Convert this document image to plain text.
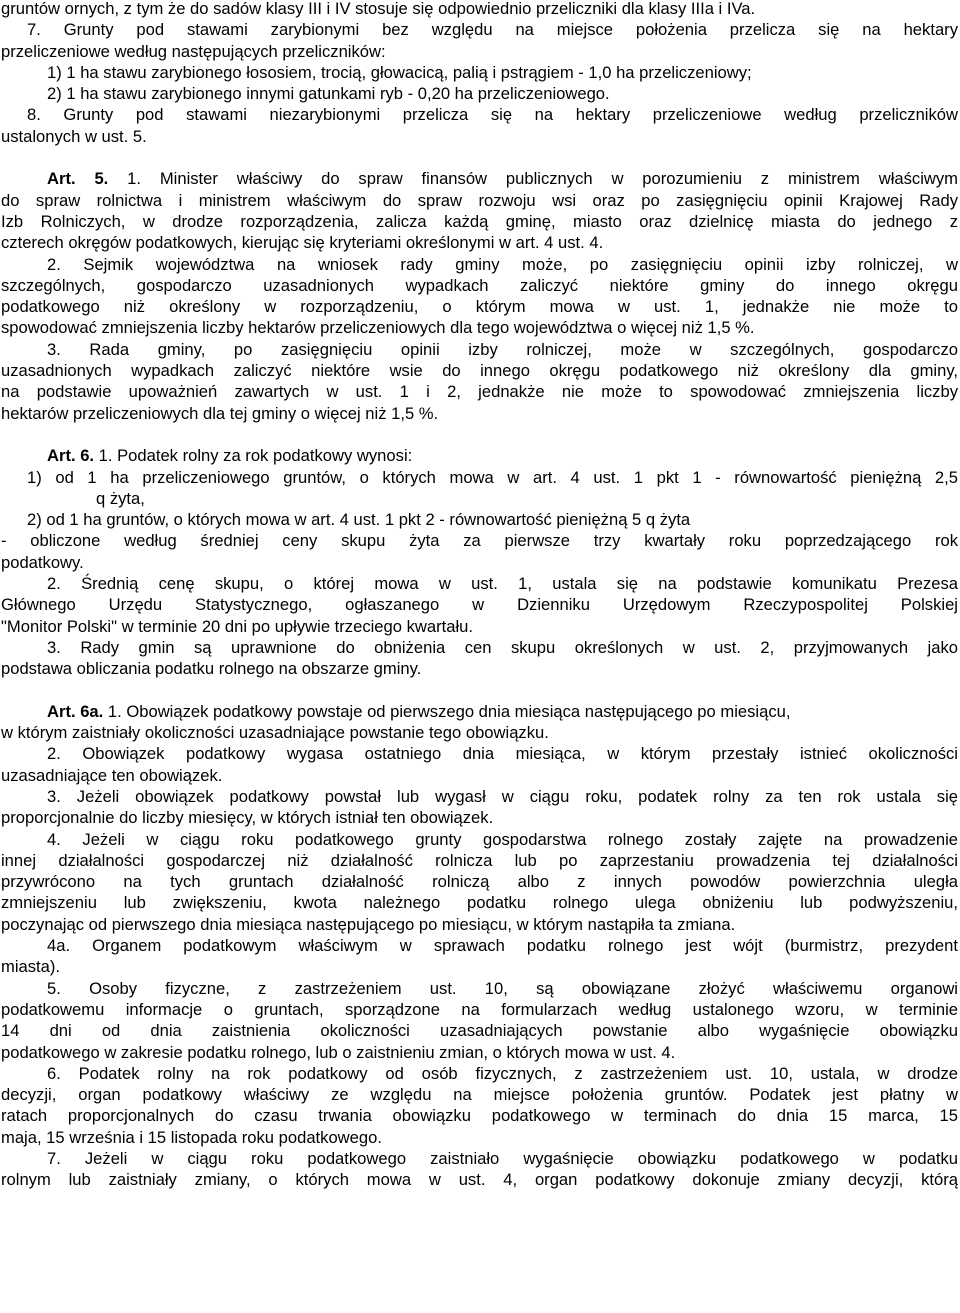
gruntów ornych, z tym że do sadów klasy III i IV stosuje się odpowiednio przeliczniki dla klasy IIIa i IVa.
7. Grunty pod stawami zarybionymi bez względu na miejsce położenia przelicza się na hektary
przeliczeniowe według następujących przeliczników:
1) 1 ha stawu zarybionego łososiem, trocią, głowacicą, palią i pstrągiem - 1,0 ha przeliczeniowy;
2) 1 ha stawu zarybionego innymi gatunkami ryb - 0,20 ha przeliczeniowego.
8. Grunty pod stawami niezarybionymi przelicza się na hektary przeliczeniowe według przeliczników
ustalonych w ust. 5.
Art. 5. 1. Minister właściwy do spraw finansów publicznych w porozumieniu z ministrem właściwym
do spraw rolnictwa i ministrem właściwym do spraw rozwoju wsi oraz po zasięgnięciu opinii Krajowej Rady
Izb Rolniczych, w drodze rozporządzenia, zalicza każdą gminę, miasto oraz dzielnicę miasta do jednego z
czterech okręgów podatkowych, kierując się kryteriami określonymi w art. 4 ust. 4.
2. Sejmik województwa na wniosek rady gminy może, po zasięgnięciu opinii izby rolniczej, w
szczególnych, gospodarczo uzasadnionych wypadkach zaliczyć niektóre gminy do innego okręgu
podatkowego niż określony w rozporządzeniu, o którym mowa w ust. 1, jednakże nie może to
spowodować zmniejszenia liczby hektarów przeliczeniowych dla tego województwa o więcej niż 1,5 %.
3. Rada gminy, po zasięgnięciu opinii izby rolniczej, może w szczególnych, gospodarczo
uzasadnionych wypadkach zaliczyć niektóre wsie do innego okręgu podatkowego niż określony dla gminy,
na podstawie upoważnień zawartych w ust. 1 i 2, jednakże nie może to spowodować zmniejszenia liczby
hektarów przeliczeniowych dla tej gminy o więcej niż 1,5 %.
Art. 6. 1. Podatek rolny za rok podatkowy wynosi:
1) od 1 ha przeliczeniowego gruntów, o których mowa w art. 4 ust. 1 pkt 1 - równowartość pieniężną 2,5
q żyta,
2) od 1 ha gruntów, o których mowa w art. 4 ust. 1 pkt 2 - równowartość pieniężną 5 q żyta
- obliczone według średniej ceny skupu żyta za pierwsze trzy kwartały roku poprzedzającego rok
podatkowy.
2. Średnią cenę skupu, o której mowa w ust. 1, ustala się na podstawie komunikatu Prezesa
Głównego Urzędu Statystycznego, ogłaszanego w Dzienniku Urzędowym Rzeczypospolitej Polskiej
"Monitor Polski" w terminie 20 dni po upływie trzeciego kwartału.
3. Rady gmin są uprawnione do obniżenia cen skupu określonych w ust. 2, przyjmowanych jako
podstawa obliczania podatku rolnego na obszarze gminy.
Art. 6a. 1. Obowiązek podatkowy powstaje od pierwszego dnia miesiąca następującego po miesiącu,
w którym zaistniały okoliczności uzasadniające powstanie tego obowiązku.
2. Obowiązek podatkowy wygasa ostatniego dnia miesiąca, w którym przestały istnieć okoliczności
uzasadniające ten obowiązek.
3. Jeżeli obowiązek podatkowy powstał lub wygasł w ciągu roku, podatek rolny za ten rok ustala się
proporcjonalnie do liczby miesięcy, w których istniał ten obowiązek.
4. Jeżeli w ciągu roku podatkowego grunty gospodarstwa rolnego zostały zajęte na prowadzenie
innej działalności gospodarczej niż działalność rolnicza lub po zaprzestaniu prowadzenia tej działalności
przywrócono na tych gruntach działalność rolniczą albo z innych powodów powierzchnia uległa
zmniejszeniu lub zwiększeniu, kwota należnego podatku rolnego ulega obniżeniu lub podwyższeniu,
poczynając od pierwszego dnia miesiąca następującego po miesiącu, w którym nastąpiła ta zmiana.
4a. Organem podatkowym właściwym w sprawach podatku rolnego jest wójt (burmistrz, prezydent
miasta).
5. Osoby fizyczne, z zastrzeżeniem ust. 10, są obowiązane złożyć właściwemu organowi
podatkowemu informacje o gruntach, sporządzone na formularzach według ustalonego wzoru, w terminie
14 dni od dnia zaistnienia okoliczności uzasadniających powstanie albo wygaśnięcie obowiązku
podatkowego w zakresie podatku rolnego, lub o zaistnieniu zmian, o których mowa w ust. 4.
6. Podatek rolny na rok podatkowy od osób fizycznych, z zastrzeżeniem ust. 10, ustala, w drodze
decyzji, organ podatkowy właściwy ze względu na miejsce położenia gruntów. Podatek jest płatny w
ratach proporcjonalnych do czasu trwania obowiązku podatkowego w terminach do dnia 15 marca, 15
maja, 15 września i 15 listopada roku podatkowego.
7. Jeżeli w ciągu roku podatkowego zaistniało wygaśnięcie obowiązku podatkowego w podatku
rolnym lub zaistniały zmiany, o których mowa w ust. 4, organ podatkowy dokonuje zmiany decyzji, którą
